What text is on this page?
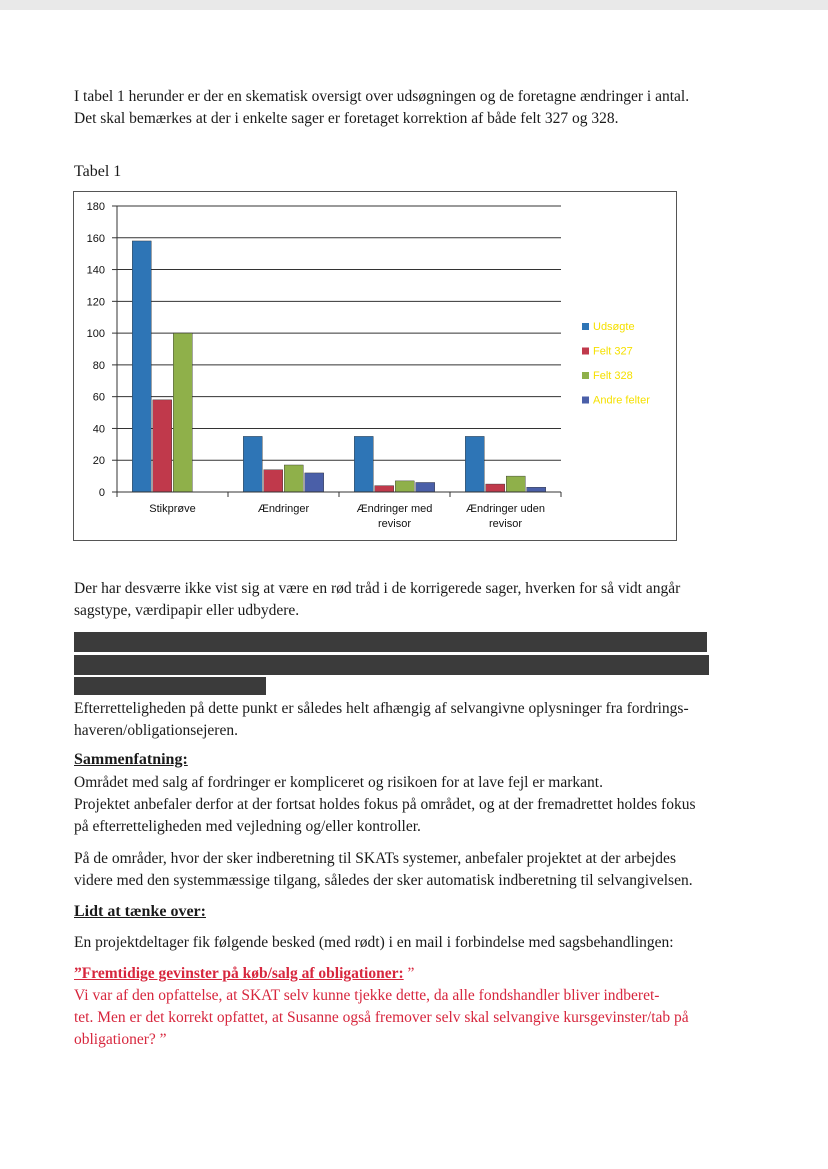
I tabel 1 herunder er der en skematisk oversigt over udsøgningen og de foretagne ændringer i antal.
Det skal bemærkes at der i enkelte sager er foretaget korrektion af både felt 327 og 328.
Tabel 1
0
20
40
60
80
100
120
140
160
180
Stikprøve	Ændringer	Ændringer med
revisor
Ændringer uden
revisor
Udsøgte
Felt 327
Felt 328
Andre felter
Der har desværre ikke vist sig at være en rød tråd i de korrigerede sager, hverken for så vidt angår
sagstype, værdipapir eller udbydere.
Efterretteligheden på dette punkt er således helt afhængig af selvangivne oplysninger fra fordrings-
haveren/obligationsejeren.
Sammenfatning:
Området med salg af fordringer er kompliceret og risikoen for at lave fejl er markant.
Projektet anbefaler derfor at der fortsat holdes fokus på området, og at der fremadrettet holdes fokus
på efterretteligheden med vejledning og/eller kontroller.
På de områder, hvor der sker indberetning til SKATs systemer, anbefaler projektet at der arbejdes
videre med den systemmæssige tilgang, således der sker automatisk indberetning til selvangivelsen.
Lidt at tænke over:
En projektdeltager fik følgende besked (med rødt) i en mail i forbindelse med sagsbehandlingen:
”Fremtidige gevinster på køb/salg af obligationer: ”
Vi var af den opfattelse, at SKAT selv kunne tjekke dette, da alle fondshandler bliver indberet-
tet. Men er det korrekt opfattet, at Susanne også fremover selv skal selvangive kursgevinster/tab på
obligationer? ”
